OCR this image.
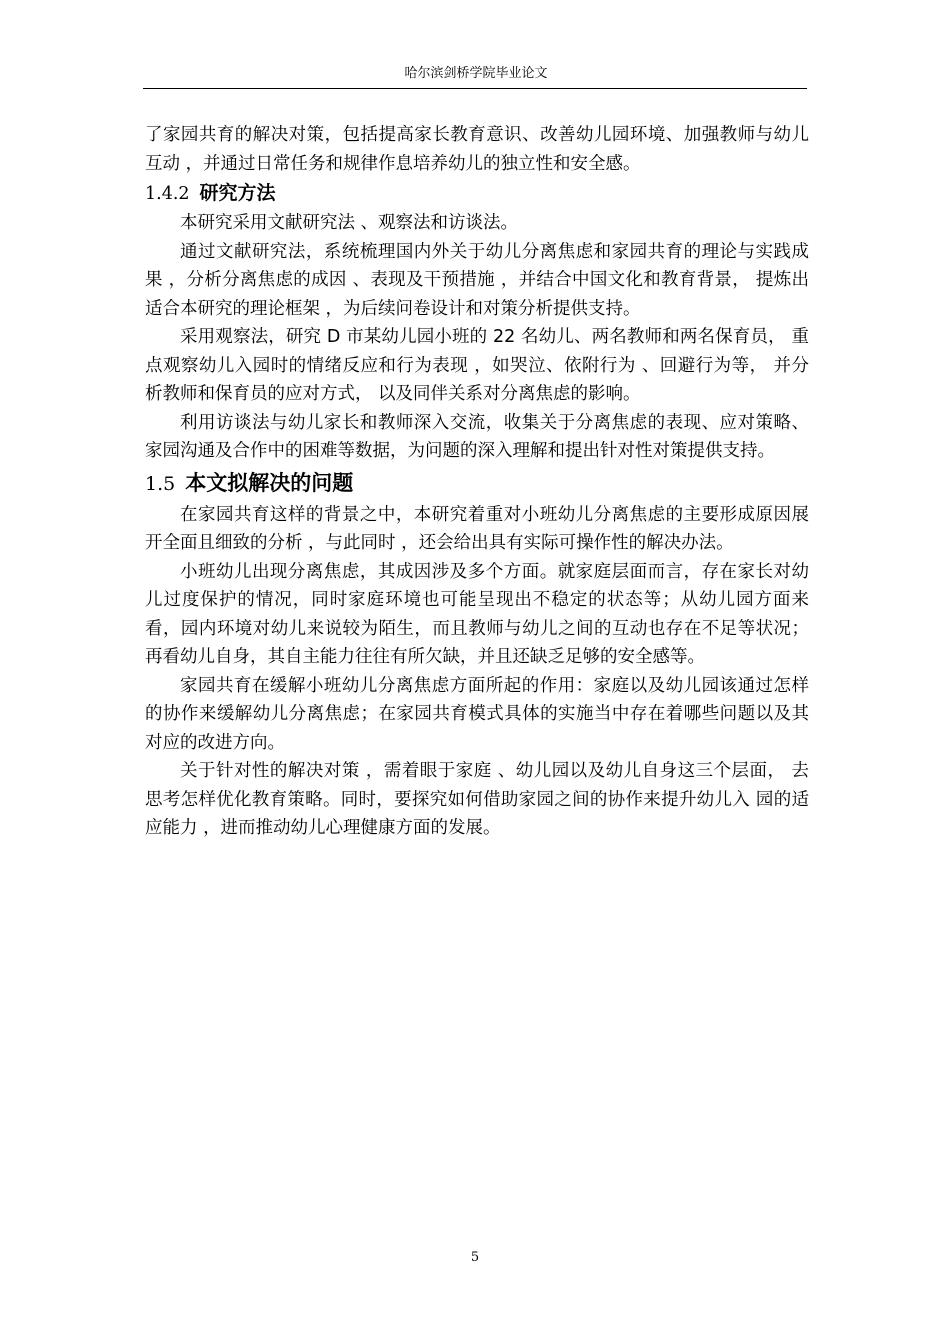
哈尔滨剑桥学院毕业论文

了家园共育的解决对策，包括提高家长教育意识、改善幼儿园环境、加强教师与幼儿互动 ，并通过日常任务和规律作息培养幼儿的独立性和安全感。

1.4.2 研究方法

本研究采用文献研究法 、观察法和访谈法。

通过文献研究法，系统梳理国内外关于幼儿分离焦虑和家园共育的理论与实践成果 ，分析分离焦虑的成因 、表现及干预措施 ，并结合中国文化和教育背景， 提炼出适合本研究的理论框架 ，为后续问卷设计和对策分析提供支持。

采用观察法，研究 D 市某幼儿园小班的 22 名幼儿、两名教师和两名保育员， 重点观察幼儿入园时的情绪反应和行为表现 ，如哭泣、依附行为 、回避行为等， 并分析教师和保育员的应对方式， 以及同伴关系对分离焦虑的影响。

利用访谈法与幼儿家长和教师深入交流，收集关于分离焦虑的表现、应对策略、家园沟通及合作中的困难等数据，为问题的深入理解和提出针对性对策提供支持。

1.5 本文拟解决的问题

在家园共育这样的背景之中，本研究着重对小班幼儿分离焦虑的主要形成原因展开全面且细致的分析 ，与此同时 ，还会给出具有实际可操作性的解决办法。

小班幼儿出现分离焦虑，其成因涉及多个方面。就家庭层面而言，存在家长对幼儿过度保护的情况，同时家庭环境也可能呈现出不稳定的状态等；从幼儿园方面来看，园内环境对幼儿来说较为陌生，而且教师与幼儿之间的互动也存在不足等状况；再看幼儿自身，其自主能力往往有所欠缺，并且还缺乏足够的安全感等。

家园共育在缓解小班幼儿分离焦虑方面所起的作用：家庭以及幼儿园该通过怎样的协作来缓解幼儿分离焦虑；在家园共育模式具体的实施当中存在着哪些问题以及其对应的改进方向。

关于针对性的解决对策 ，需着眼于家庭 、幼儿园以及幼儿自身这三个层面， 去思考怎样优化教育策略。同时，要探究如何借助家园之间的协作来提升幼儿入 园的适应能力 ，进而推动幼儿心理健康方面的发展。

5
